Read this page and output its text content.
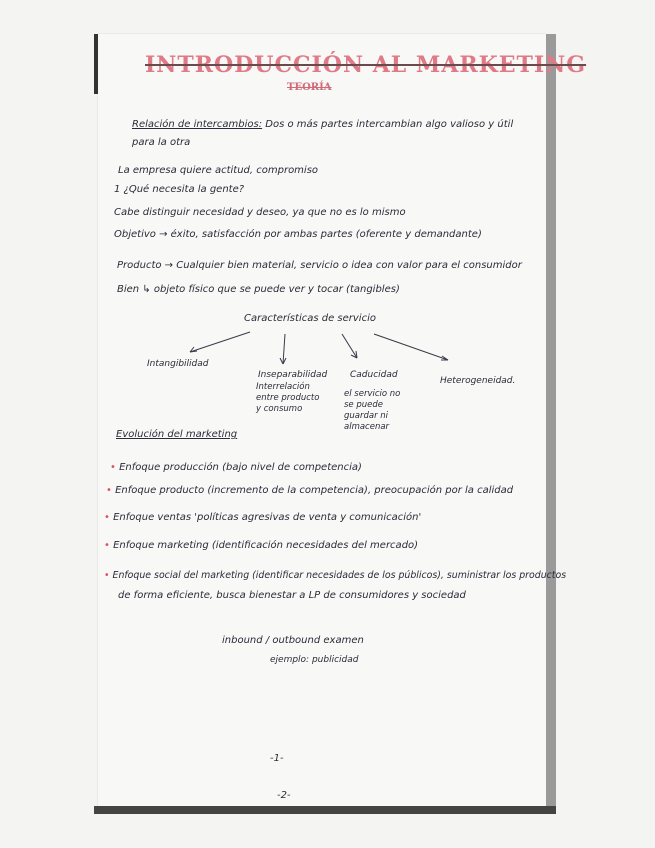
INTRODUCCIÓN AL MARKETING
TEORÍA
Relación de intercambios: Dos o más partes intercambian algo valioso y útil
para la otra
La empresa quiere actitud, compromiso
1 ¿Qué necesita la gente?
Cabe distinguir necesidad y deseo, ya que no es lo mismo
Objetivo → éxito, satisfacción por ambas partes (oferente y demandante)
Producto → Cualquier bien material, servicio o idea con valor para el consumidor
Bien ↳ objeto físico que se puede ver y tocar (tangibles)
Características de servicio
Intangibilidad
Inseparabilidad
Interrelación entre producto y consumo
Caducidad
el servicio no se puede guardar ni almacenar
Heterogeneidad.
Evolución del marketing
• Enfoque producción (bajo nivel de competencia)
• Enfoque producto (incremento de la competencia), preocupación por la calidad
• Enfoque ventas 'políticas agresivas de venta y comunicación'
• Enfoque marketing (identificación necesidades del mercado)
• Enfoque social del marketing (identificar necesidades de los públicos), suministrar los productos
de forma eficiente, busca bienestar a LP de consumidores y sociedad
inbound / outbound examen
ejemplo: publicidad
-1-
-2-
